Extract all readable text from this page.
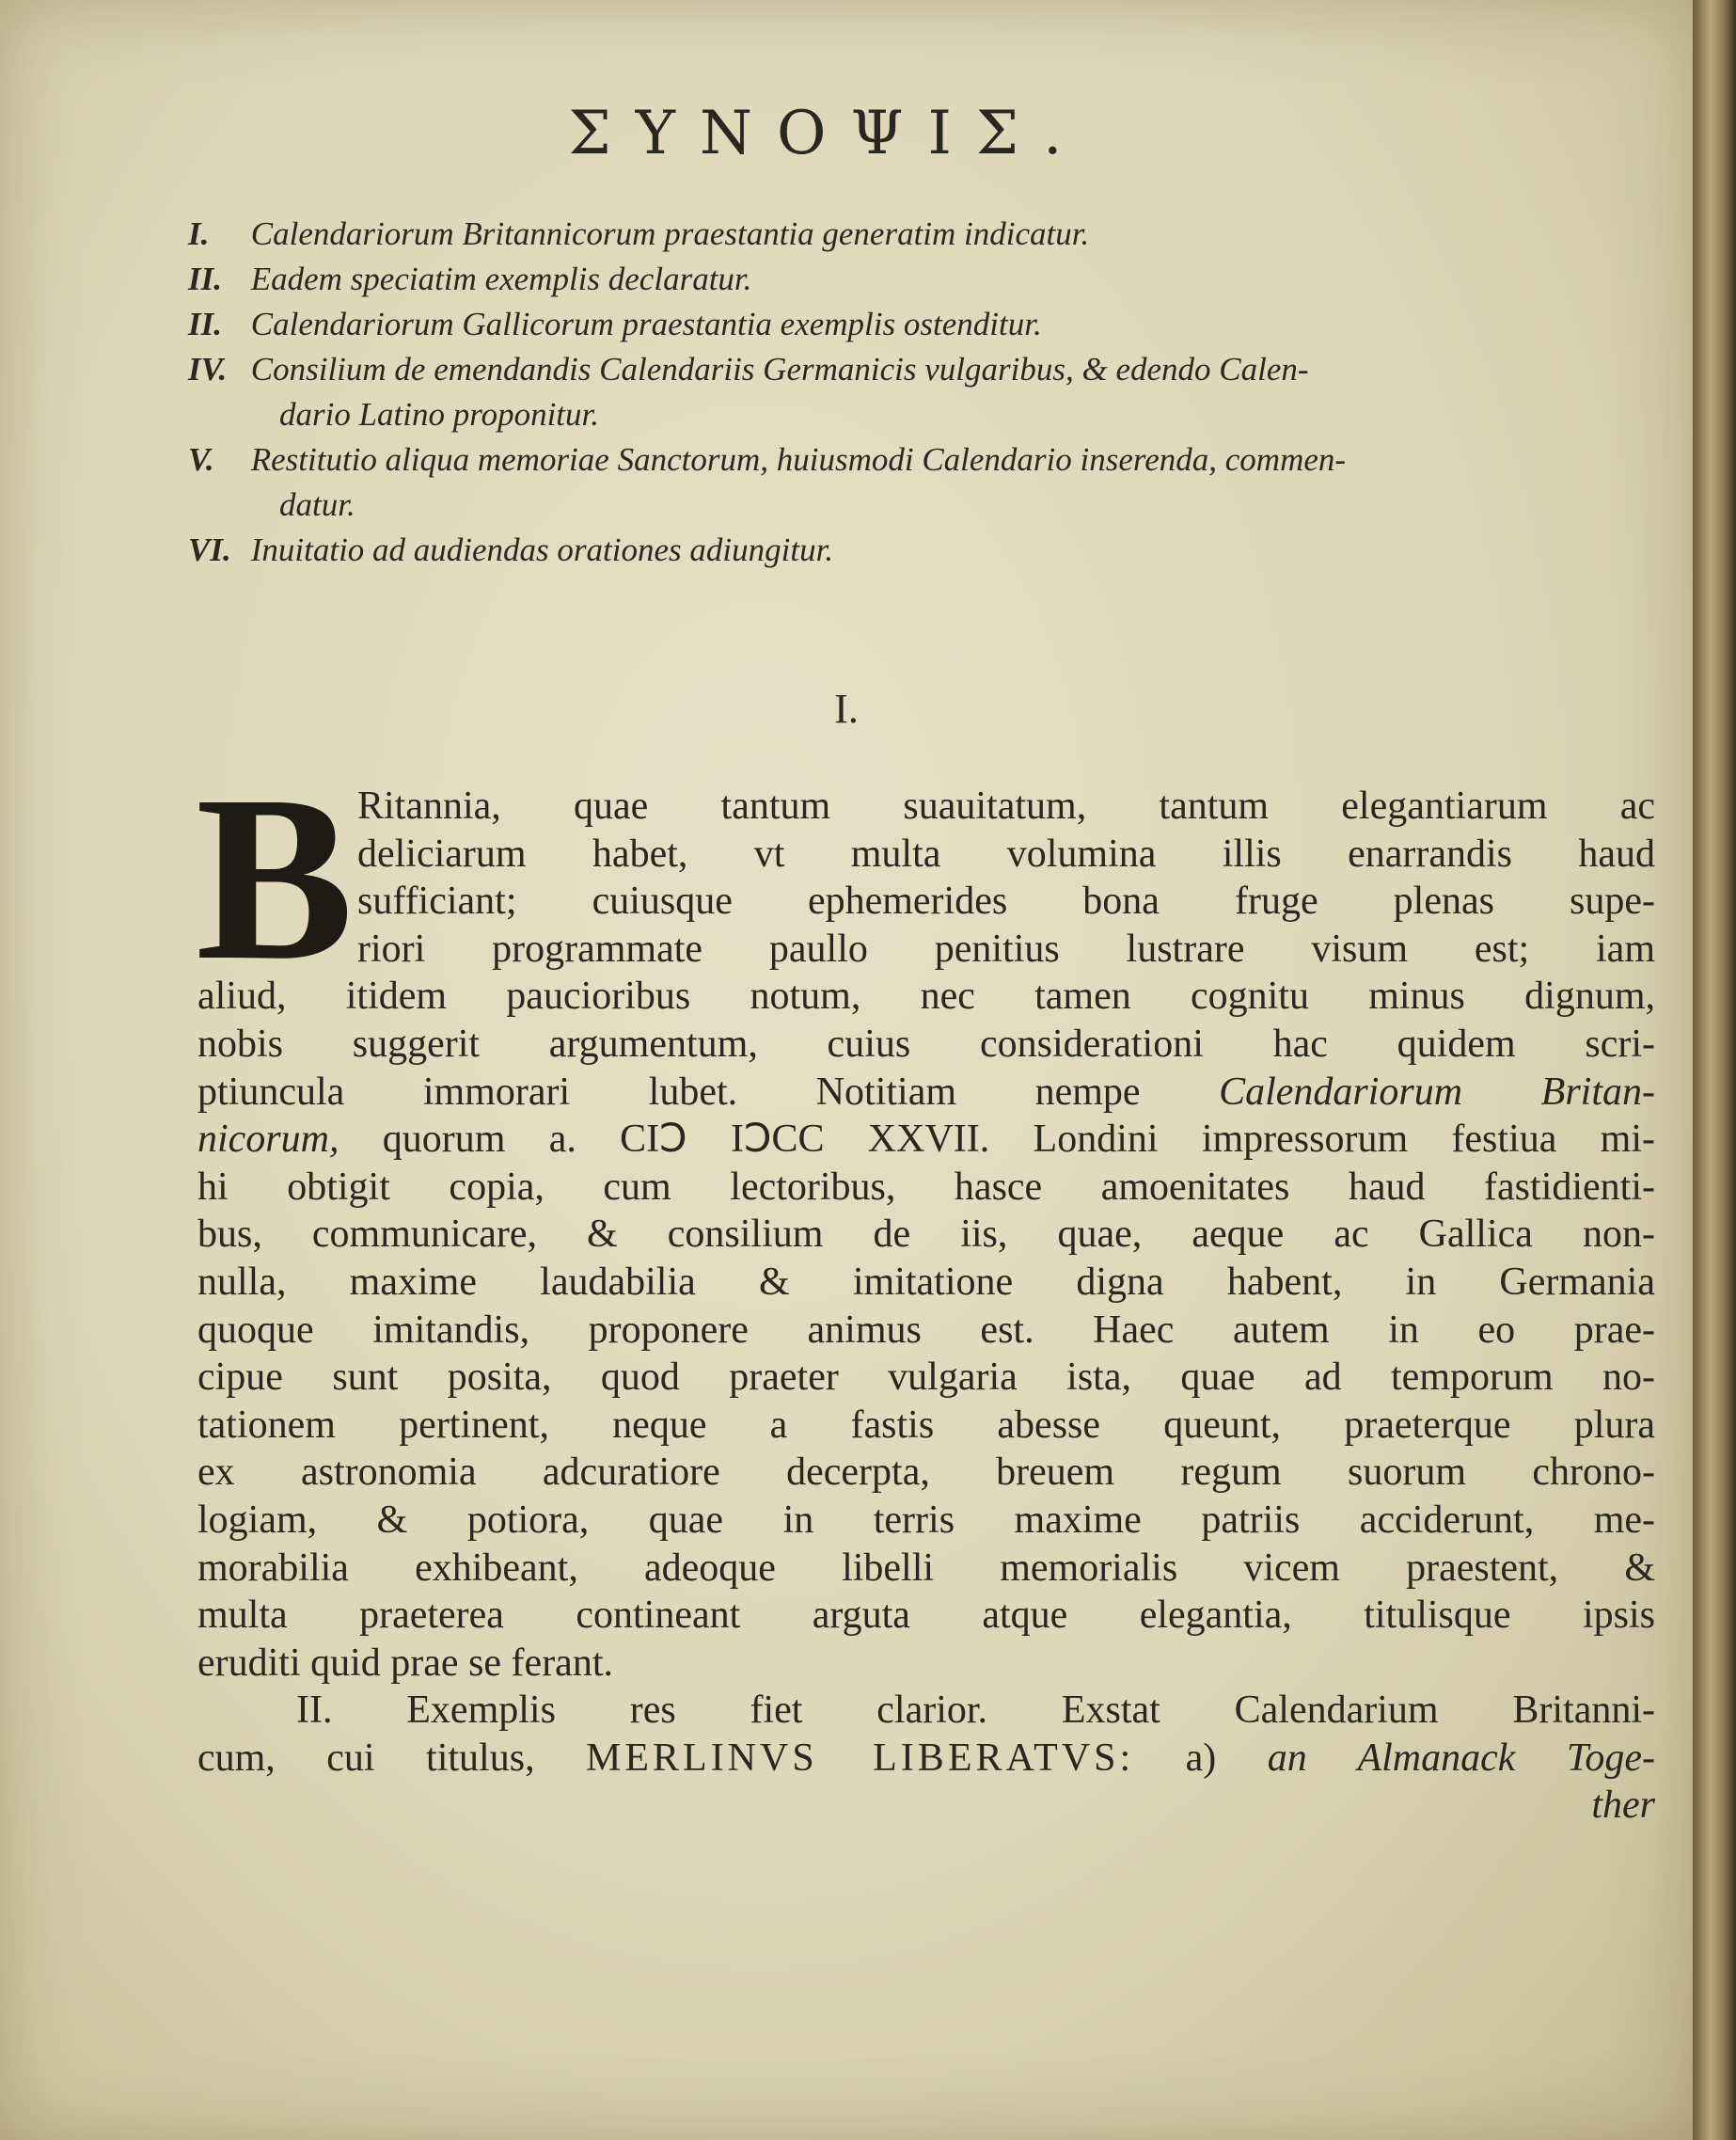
ΣΥΝΟΨΙΣ.
I. Calendariorum Britannicorum praestantia generatim indicatur.
II. Eadem speciatim exemplis declaratur.
II. Calendariorum Gallicorum praestantia exemplis ostenditur.
IV. Consilium de emendandis Calendariis Germanicis vulgaribus, & edendo Calen-
dario Latino proponitur.
V. Restitutio aliqua memoriae Sanctorum, huiusmodi Calendario inserenda, commen-
datur.
VI. Inuitatio ad audiendas orationes adiungitur.
I.
B Ritannia, quae tantum suauitatum, tantum elegantiarum ac
deliciarum habet, vt multa volumina illis enarrandis haud
sufficiant; cuiusque ephemerides bona fruge plenas supe-
riori programmate paullo penitius lustrare visum est; iam
aliud, itidem paucioribus notum, nec tamen cognitu minus dignum,
nobis suggerit argumentum, cuius considerationi hac quidem scri-
ptiuncula immorari lubet. Notitiam nempe Calendariorum Britan-
nicorum, quorum a. CIↃ IↃCC XXVII. Londini impressorum festiua mi-
hi obtigit copia, cum lectoribus, hasce amoenitates haud fastidienti-
bus, communicare, & consilium de iis, quae, aeque ac Gallica non-
nulla, maxime laudabilia & imitatione digna habent, in Germania
quoque imitandis, proponere animus est. Haec autem in eo prae-
cipue sunt posita, quod praeter vulgaria ista, quae ad temporum no-
tationem pertinent, neque a fastis abesse queunt, praeterque plura
ex astronomia adcuratiore decerpta, breuem regum suorum chrono-
logiam, & potiora, quae in terris maxime patriis acciderunt, me-
morabilia exhibeant, adeoque libelli memorialis vicem praestent, &
multa praeterea contineant arguta atque elegantia, titulisque ipsis
eruditi quid prae se ferant.
II. Exemplis res fiet clarior. Exstat Calendarium Britanni-
cum, cui titulus, MERLINVS LIBERATVS: a) an Almanack Toge-
ther
